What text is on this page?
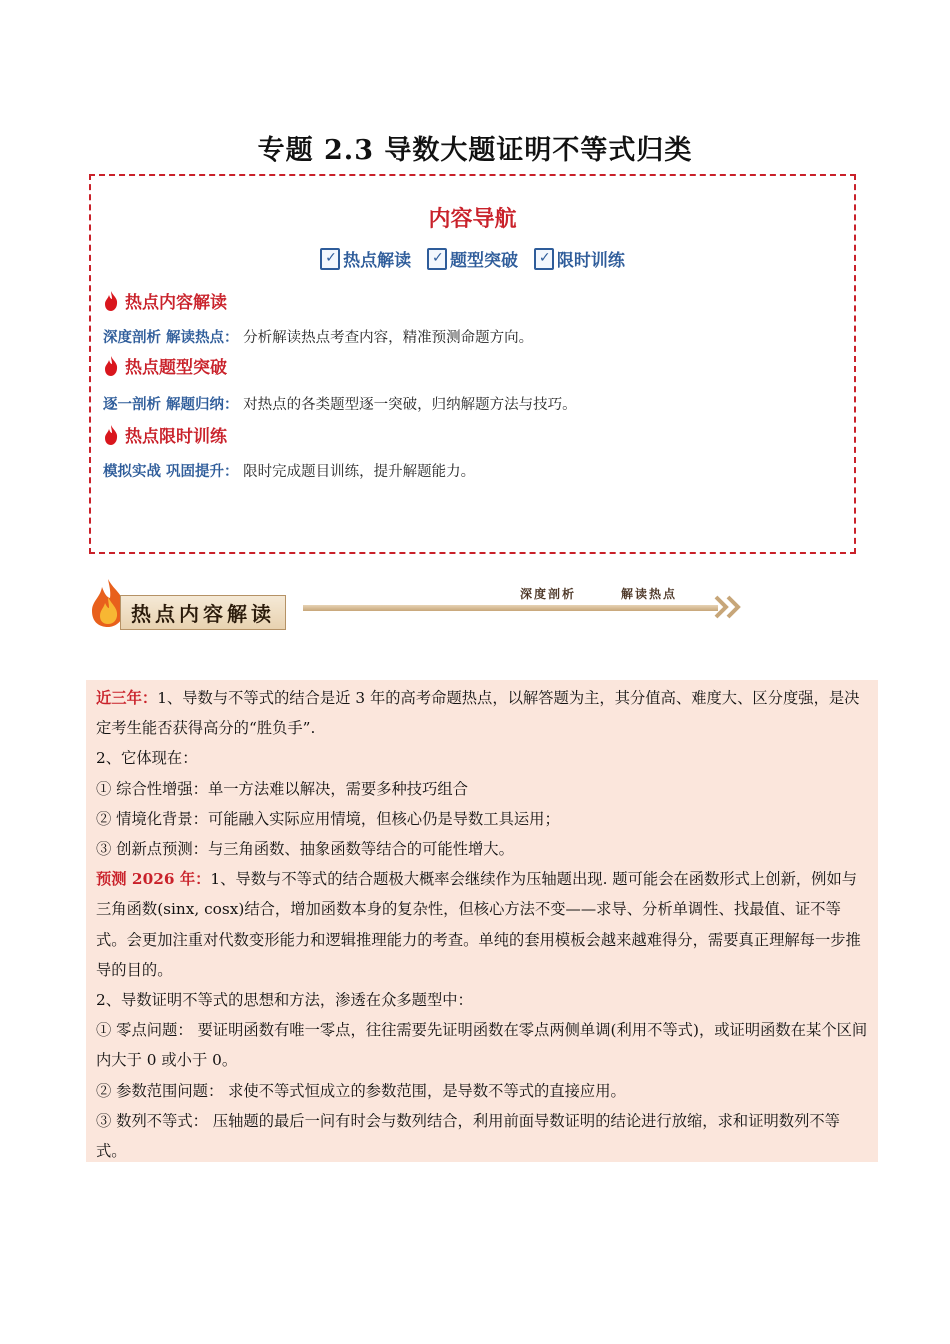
专题 2.3 导数大题证明不等式归类
内容导航
✓
热点解读
✓ 题型突破
✓ 限时训练
热点内容解读
深度剖析 解读热点： 分析解读热点考查内容，精准预测命题方向。
热点题型突破
逐一剖析 解题归纳： 对热点的各类题型逐一突破，归纳解题方法与技巧。
热点限时训练
模拟实战 巩固提升： 限时完成题目训练，提升解题能力。
热点内容解读
深度剖析	解读热点

近三年：1、导数与不等式的结合是近 3 年的高考命题热点，以解答题为主，其分值高、难度大、区分度强，是决定考生能否获得高分的“胜负手”.

2、它体现在：

① 综合性增强：单一方法难以解决，需要多种技巧组合

② 情境化背景：可能融入实际应用情境，但核心仍是导数工具运用；

③ 创新点预测：与三角函数、抽象函数等结合的可能性增大。

预测 2026 年：1、导数与不等式的结合题极大概率会继续作为压轴题出现. 题可能会在函数形式上创新，例如与三角函数(sinx, cosx)结合，增加函数本身的复杂性，但核心方法不变——求导、分析单调性、找最值、证不等式。会更加注重对代数变形能力和逻辑推理能力的考查。单纯的套用模板会越来越难得分，需要真正理解每一步推导的目的。

2、导数证明不等式的思想和方法，渗透在众多题型中：

① 零点问题： 要证明函数有唯一零点，往往需要先证明函数在零点两侧单调(利用不等式)，或证明函数在某个区间内大于 0 或小于 0。

② 参数范围问题： 求使不等式恒成立的参数范围，是导数不等式的直接应用。

③ 数列不等式： 压轴题的最后一问有时会与数列结合，利用前面导数证明的结论进行放缩，求和证明数列不等式。
